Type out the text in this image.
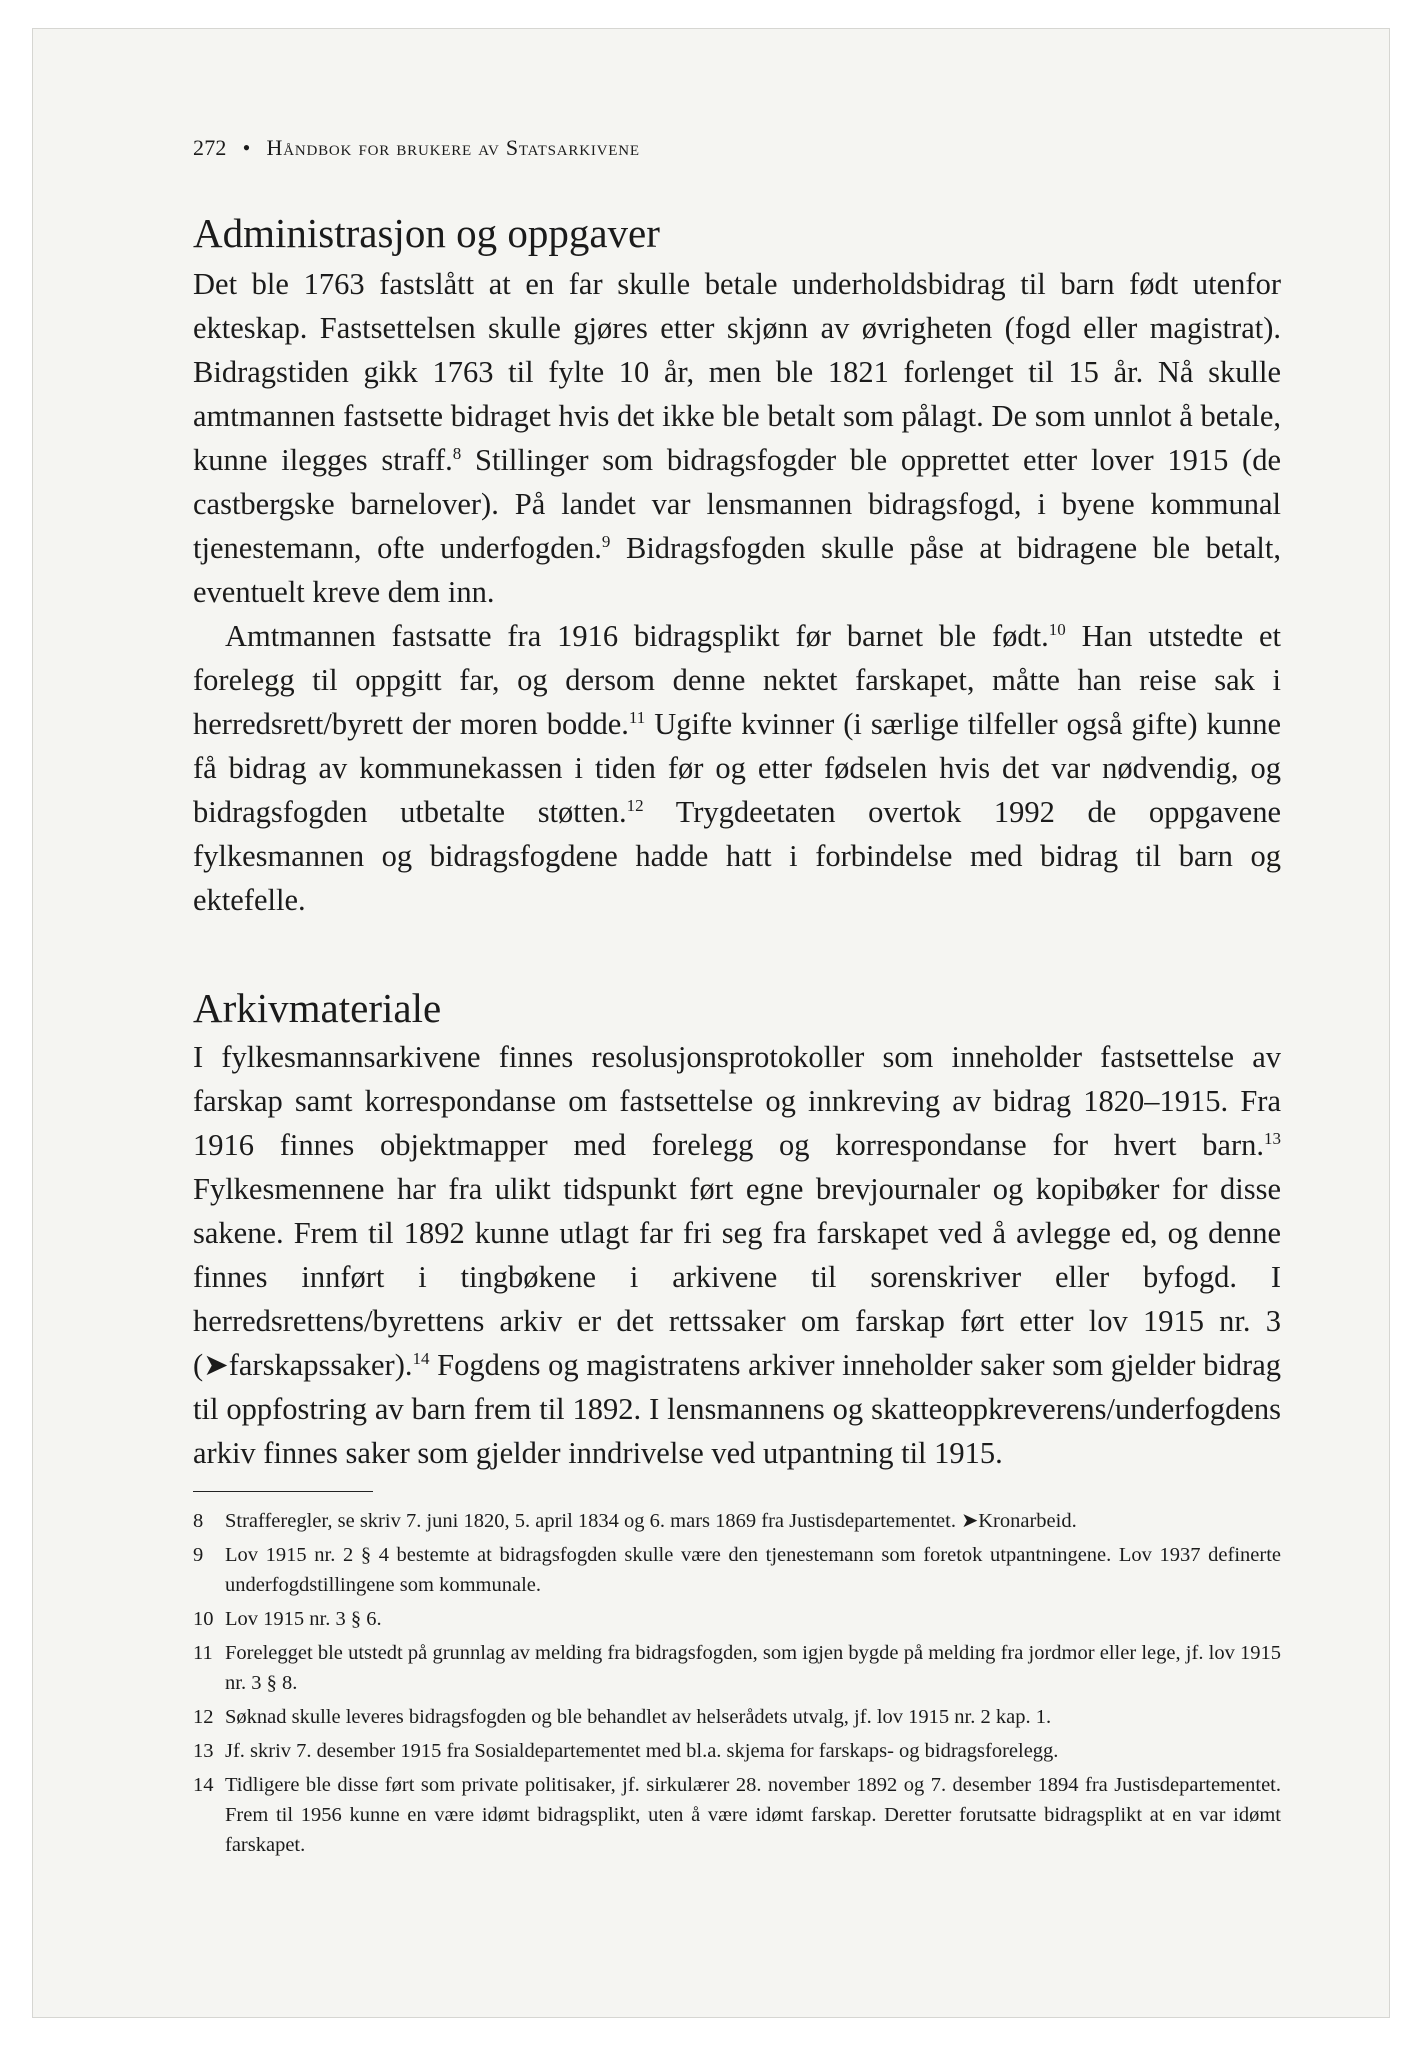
272 • Håndbok for brukere av Statsarkivene
Administrasjon og oppgaver

Det ble 1763 fastslått at en far skulle betale underholdsbidrag til barn født utenfor ekteskap. Fastsettelsen skulle gjøres etter skjønn av øvrigheten (fogd eller magistrat). Bidragstiden gikk 1763 til fylte 10 år, men ble 1821 forlenget til 15 år. Nå skulle amtmannen fastsette bidraget hvis det ikke ble betalt som pålagt. De som unnlot å betale, kunne ilegges straff.$^8$ Stillinger som bidragsfogder ble opprettet etter lover 1915 (de castbergske barnelover). På landet var lensmannen bidragsfogd, i byene kommunal tjenestemann, ofte underfogden.$^9$ Bidragsfogden skulle påse at bidragene ble betalt, eventuelt kreve dem inn.

Amtmannen fastsatte fra 1916 bidragsplikt før barnet ble født.$^{10}$ Han utstedte et forelegg til oppgitt far, og dersom denne nektet farskapet, måtte han reise sak i herredsrett/byrett der moren bodde.$^{11}$ Ugifte kvinner (i særlige tilfeller også gifte) kunne få bidrag av kommunekassen i tiden før og etter fødselen hvis det var nødvendig, og bidragsfogden utbetalte støtten.$^{12}$ Trygdeetaten overtok 1992 de oppgavene fylkesmannen og bidragsfogdene hadde hatt i forbindelse med bidrag til barn og ektefelle.

Arkivmateriale

I fylkesmannsarkivene finnes resolusjonsprotokoller som inneholder fastsettelse av farskap samt korrespondanse om fastsettelse og innkreving av bidrag 1820–1915. Fra 1916 finnes objektmapper med forelegg og korrespondanse for hvert barn.$^{13}$ Fylkesmennene har fra ulikt tidspunkt ført egne brevjournaler og kopibøker for disse sakene. Frem til 1892 kunne utlagt far fri seg fra farskapet ved å avlegge ed, og denne finnes innført i tingbøkene i arkivene til sorenskriver eller byfogd. I herredsrettens/byrettens arkiv er det rettssaker om farskap ført etter lov 1915 nr. 3 (➤farskapssaker).$^{14}$ Fogdens og magistratens arkiver inneholder saker som gjelder bidrag til oppfostring av barn frem til 1892. I lensmannens og skatteoppkreverens/underfogdens arkiv finnes saker som gjelder inndrivelse ved utpantning til 1915.

8	Strafferegler, se skriv 7. juni 1820, 5. april 1834 og 6. mars 1869 fra Justisdepartementet. ➤Kronarbeid.
9	Lov 1915 nr. 2 § 4 bestemte at bidragsfogden skulle være den tjenestemann som foretok utpantningene. Lov 1937 definerte underfogdstillingene som kommunale.
10 Lov 1915 nr. 3 § 6.
11 Forelegget ble utstedt på grunnlag av melding fra bidragsfogden, som igjen bygde på melding fra jordmor eller lege, jf. lov 1915 nr. 3 § 8.
12 Søknad skulle leveres bidragsfogden og ble behandlet av helserådets utvalg, jf. lov 1915 nr. 2 kap. 1.
13 Jf. skriv 7. desember 1915 fra Sosialdepartementet med bl.a. skjema for farskaps- og bidragsforelegg.
14 Tidligere ble disse ført som private politisaker, jf. sirkulærer 28. november 1892 og 7. desember 1894 fra Justisdepartementet. Frem til 1956 kunne en være idømt bidragsplikt, uten å være idømt farskap. Deretter forutsatte bidragsplikt at en var idømt farskapet.
